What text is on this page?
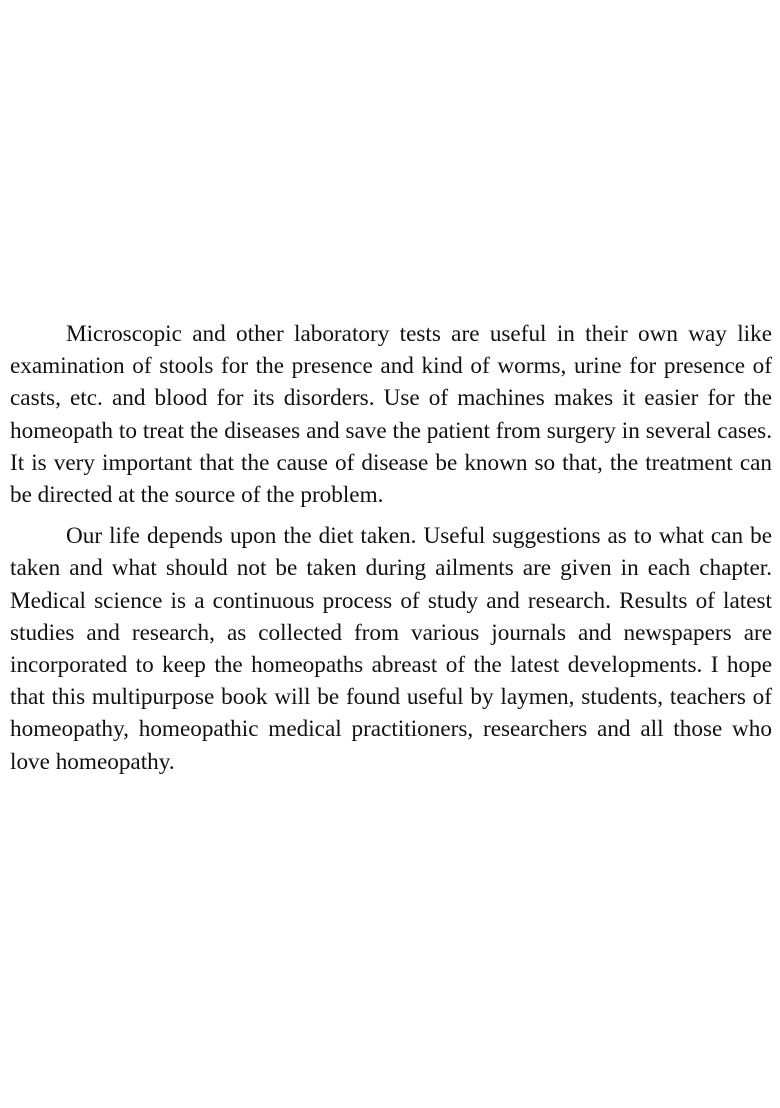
Microscopic and other laboratory tests are useful in their own way like examination of stools for the presence and kind of worms, urine for presence of casts, etc. and blood for its disorders. Use of machines makes it easier for the homeopath to treat the diseases and save the patient from surgery in several cases. It is very important that the cause of disease be known so that, the treatment can be directed at the source of the problem.

Our life depends upon the diet taken. Useful suggestions as to what can be taken and what should not be taken during ailments are given in each chapter. Medical science is a continuous process of study and research. Results of latest studies and research, as collected from various journals and newspapers are incorporated to keep the homeopaths abreast of the latest developments. I hope that this multipurpose book will be found useful by laymen, students, teachers of homeopathy, homeopathic medical practitioners, researchers and all those who love homeopathy.
